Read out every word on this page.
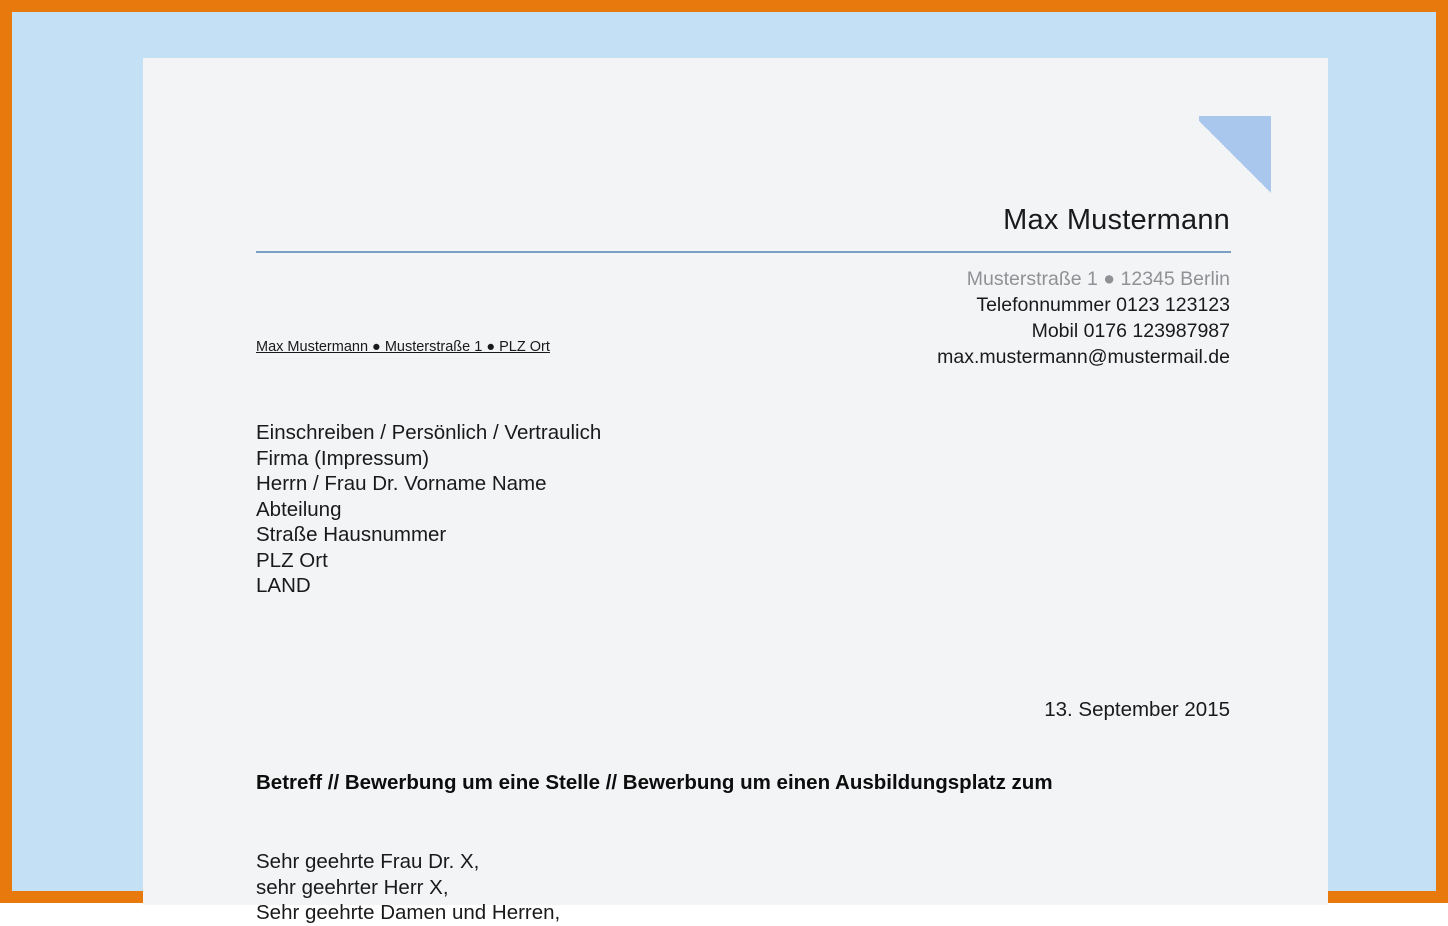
Max Mustermann
Musterstraße 1 ● 12345 Berlin
Telefonnummer 0123 123123
Mobil 0176 123987987
max.mustermann@mustermail.de
Max Mustermann ● Musterstraße 1 ● PLZ Ort
Einschreiben / Persönlich / Vertraulich
Firma (Impressum)
Herrn / Frau Dr. Vorname Name
Abteilung
Straße Hausnummer
PLZ Ort
LAND
13. September 2015
Betreff // Bewerbung um eine Stelle // Bewerbung um einen Ausbildungsplatz zum
Sehr geehrte Frau Dr. X,
sehr geehrter Herr X,
Sehr geehrte Damen und Herren,
